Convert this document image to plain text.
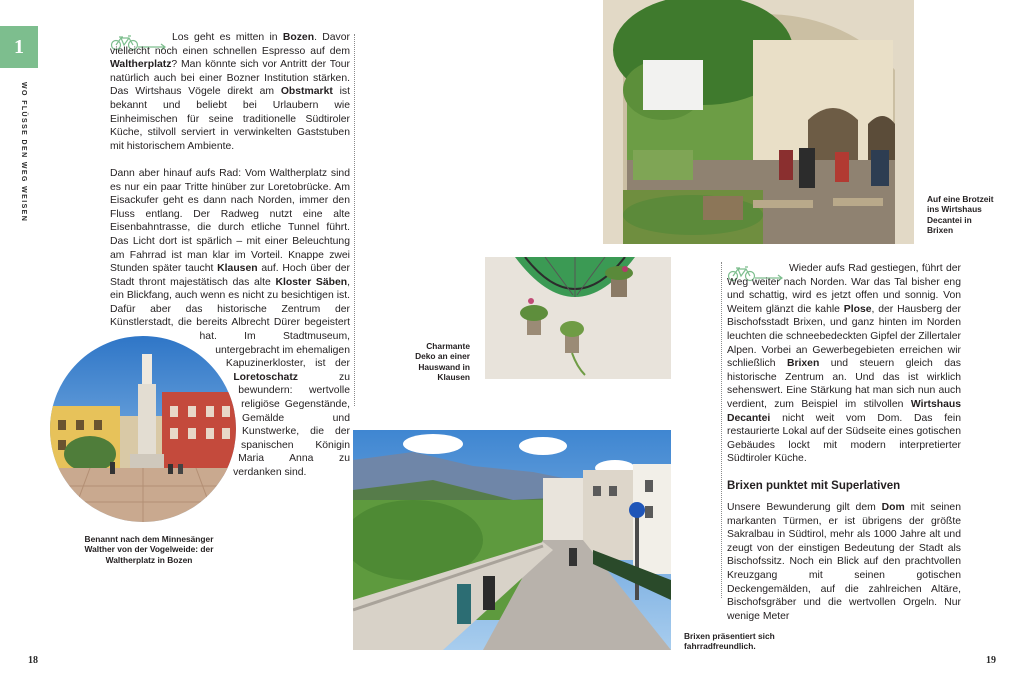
1
WO FLÜSSE DEN WEG WEISEN

Los geht es mitten in Bozen. Davor vielleicht noch einen schnellen Espresso auf dem Waltherplatz? Man könnte sich vor Antritt der Tour natürlich auch bei einer Bozner Institution stärken. Das Wirtshaus Vögele direkt am Obstmarkt ist bekannt und beliebt bei Urlaubern wie Einheimischen für seine traditionelle Südtiroler Küche, stilvoll serviert in verwinkelten Gaststuben mit historischem Ambiente.

Dann aber hinauf aufs Rad: Vom Waltherplatz sind es nur ein paar Tritte hinüber zur Loretobrücke. Am Eisackufer geht es dann nach Norden, immer den Fluss entlang. Der Radweg nutzt eine alte Eisenbahntrasse, die durch etliche Tunnel führt. Das Licht dort ist spärlich – mit einer Beleuchtung am Fahrrad ist man klar im Vorteil. Knappe zwei Stunden später taucht Klausen auf. Hoch über der Stadt thront majestätisch das alte Kloster Säben, ein Blickfang, auch wenn es nicht zu besichtigen ist. Dafür aber das historische Zentrum der Künstlerstadt, die bereits Albrecht Dürer begeistert hat. Im Stadtmuseum, untergebracht im ehemaligen Kapuzinerkloster, ist der Loretoschatz zu bewundern: wertvolle religiöse Gegenstände, Gemälde und Kunstwerke, die der spanischen Königin Maria Anna zu verdanken sind.

Benannt nach dem Minnesänger Walther von der Vogelweide: der Waltherplatz in Bozen
Auf eine Brotzeit ins Wirtshaus Decantei in Brixen
Charmante Deko an einer Hauswand in Klausen
Brixen präsentiert sich fahrradfreundlich.

Wieder aufs Rad gestiegen, führt der Weg weiter nach Norden. War das Tal bisher eng und schattig, wird es jetzt offen und sonnig. Von Weitem glänzt die kahle Plose, der Hausberg der Bischofsstadt Brixen, und ganz hinten im Norden leuchten die schneebedeckten Gipfel der Zillertaler Alpen. Vorbei an Gewerbegebieten erreichen wir schließlich Brixen und steuern gleich das historische Zentrum an. Und das ist wirklich sehenswert. Eine Stärkung hat man sich nun auch verdient, zum Beispiel im stilvollen Wirtshaus Decantei nicht weit vom Dom. Das fein restaurierte Lokal auf der Südseite eines gotischen Gebäudes lockt mit modern interpretierter Südtiroler Küche.

Brixen punktet mit Superlativen

Unsere Bewunderung gilt dem Dom mit seinen markanten Türmen, er ist übrigens der größte Sakralbau in Südtirol, mehr als 1000 Jahre alt und zeugt von der einstigen Bedeutung der Stadt als Bischofssitz. Noch ein Blick auf den prachtvollen Kreuzgang mit seinen gotischen Deckengemälden, auf die zahlreichen Altäre, Bischofsgräber und die wertvollen Orgeln. Nur wenige Meter

18	19
